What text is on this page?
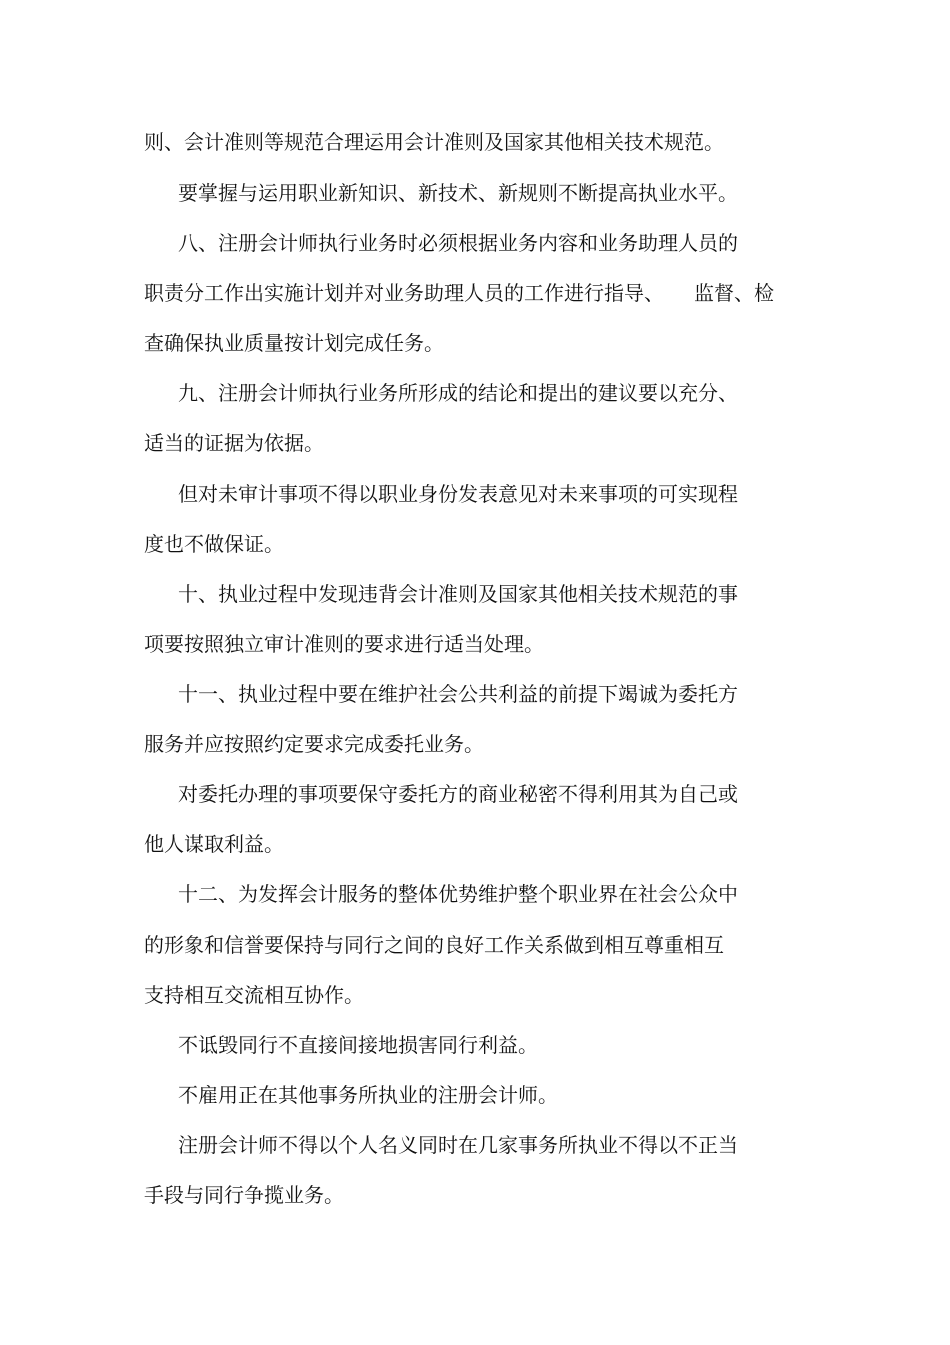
则、会计准则等规范合理运用会计准则及国家其他相关技术规范。
要掌握与运用职业新知识、新技术、新规则不断提高执业水平。
八、注册会计师执行业务时必须根据业务内容和业务助理人员的
职责分工作出实施计划并对业务助理人员的工作进行指导、　　监督、检
查确保执业质量按计划完成任务。
九、注册会计师执行业务所形成的结论和提出的建议要以充分、
适当的证据为依据。
但对未审计事项不得以职业身份发表意见对未来事项的可实现程
度也不做保证。
十、执业过程中发现违背会计准则及国家其他相关技术规范的事
项要按照独立审计准则的要求进行适当处理。
十一、执业过程中要在维护社会公共利益的前提下竭诚为委托方
服务并应按照约定要求完成委托业务。
对委托办理的事项要保守委托方的商业秘密不得利用其为自己或
他人谋取利益。
十二、为发挥会计服务的整体优势维护整个职业界在社会公众中
的形象和信誉要保持与同行之间的良好工作关系做到相互尊重相互
支持相互交流相互协作。
不诋毁同行不直接间接地损害同行利益。
不雇用正在其他事务所执业的注册会计师。
注册会计师不得以个人名义同时在几家事务所执业不得以不正当
手段与同行争揽业务。
